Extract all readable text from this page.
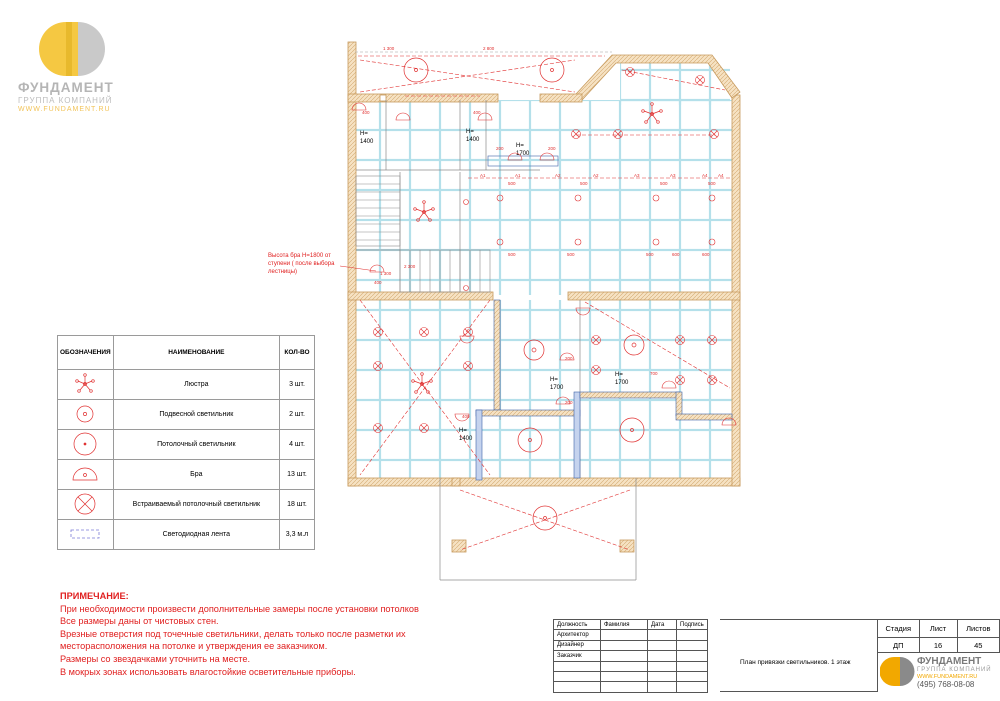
ФУНДАМЕНТ
ГРУППА КОМПАНИЙ
WWW.FUNDAMENT.RU
1 300	2 800
A1	A1	A2	A2	A3	A3	A4 A4
400	400
200	200
1 300
2 300
400
700
200
200
400
500	500	500	500
500	500	500	600	600
H= 1400
H= 1400
H= 1700
H= 1700
H= 1700
H= 1400
Высота бра H=1800 от ступени ( после выбора лестницы)
ОБОЗНАЧЕНИЯ	НАИМЕНОВАНИЕ	КОЛ-ВО
	Люстра	3 шт.
	Подвесной светильник	2 шт.
	Потолочный светильник	4 шт.
	Бра	13 шт.
	Встраиваемый потолочный светильник	18 шт.
	Светодиодная лента	3,3 м.л
ПРИМЕЧАНИЕ:
При необходимости произвести дополнительные замеры после установки потолков
Все размеры даны от чистовых стен.
Врезные отверстия под точечные светильники, делать только после разметки их
месторасположения на потолке и утверждения ее заказчиком.
Размеры со звездачками уточнить на месте.
В мокрых зонах использовать влагостойкие осветительные приборы.
Должность	Фамилия	Дата	Подпись
Архитектор			
Дизайнер			
Заказчик			

План привязки светильников. 1 этаж
Стадия	Лист	Листов
ДП	16	45
ФУНДАМЕНТ
ГРУППА КОМПАНИЙ
WWW.FUNDAMENT.RU
(495) 768-08-08
